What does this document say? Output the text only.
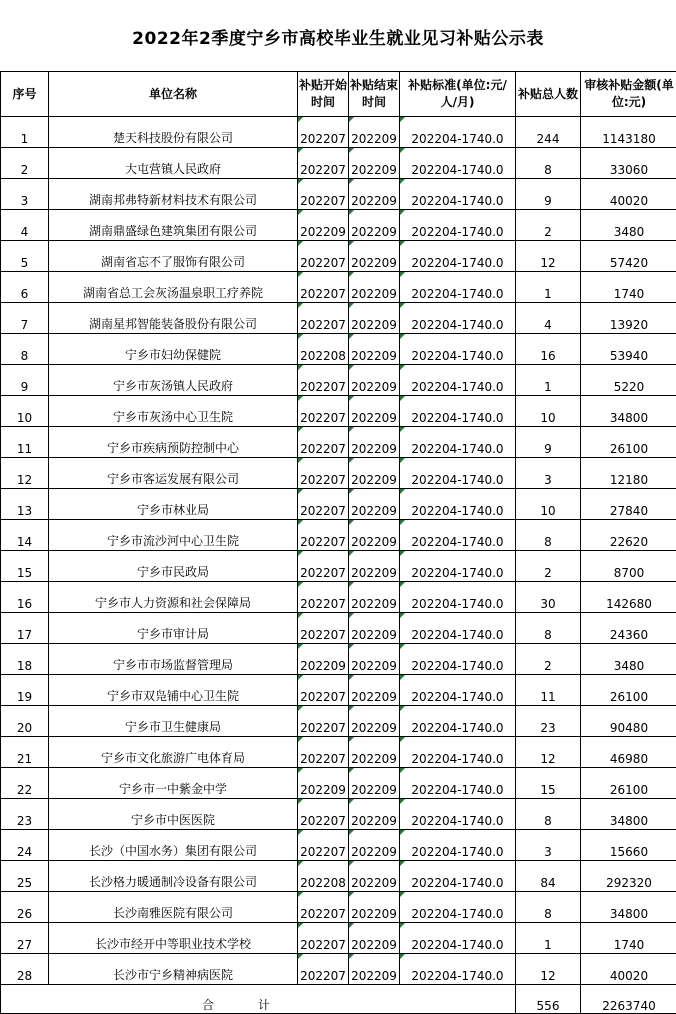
2022年2季度宁乡市高校毕业生就业见习补贴公示表
序号	单位名称	补贴开始时间	补贴结束时间	补贴标准(单位:元/人/月)	补贴总人数	审核补贴金额(单位:元)
1	楚天科技股份有限公司	202207	202209	202204-1740.0	244	1143180
2	大屯营镇人民政府	202207	202209	202204-1740.0	8	33060
3	湖南邦弗特新材料技术有限公司	202207	202209	202204-1740.0	9	40020
4	湖南鼎盛绿色建筑集团有限公司	202209	202209	202204-1740.0	2	3480
5	湖南省忘不了服饰有限公司	202207	202209	202204-1740.0	12	57420
6	湖南省总工会灰汤温泉职工疗养院	202207	202209	202204-1740.0	1	1740
7	湖南星邦智能装备股份有限公司	202207	202209	202204-1740.0	4	13920
8	宁乡市妇幼保健院	202208	202209	202204-1740.0	16	53940
9	宁乡市灰汤镇人民政府	202207	202209	202204-1740.0	1	5220
10	宁乡市灰汤中心卫生院	202207	202209	202204-1740.0	10	34800
11	宁乡市疾病预防控制中心	202207	202209	202204-1740.0	9	26100
12	宁乡市客运发展有限公司	202207	202209	202204-1740.0	3	12180
13	宁乡市林业局	202207	202209	202204-1740.0	10	27840
14	宁乡市流沙河中心卫生院	202207	202209	202204-1740.0	8	22620
15	宁乡市民政局	202207	202209	202204-1740.0	2	8700
16	宁乡市人力资源和社会保障局	202207	202209	202204-1740.0	30	142680
17	宁乡市审计局	202207	202209	202204-1740.0	8	24360
18	宁乡市市场监督管理局	202209	202209	202204-1740.0	2	3480
19	宁乡市双凫铺中心卫生院	202207	202209	202204-1740.0	11	26100
20	宁乡市卫生健康局	202207	202209	202204-1740.0	23	90480
21	宁乡市文化旅游广电体育局	202207	202209	202204-1740.0	12	46980
22	宁乡市一中紫金中学	202209	202209	202204-1740.0	15	26100
23	宁乡市中医医院	202207	202209	202204-1740.0	8	34800
24	长沙（中国水务）集团有限公司	202207	202209	202204-1740.0	3	15660
25	长沙格力暖通制冷设备有限公司	202208	202209	202204-1740.0	84	292320
26	长沙南雅医院有限公司	202207	202209	202204-1740.0	8	34800
27	长沙市经开中等职业技术学校	202207	202209	202204-1740.0	1	1740
28	长沙市宁乡精神病医院	202207	202209	202204-1740.0	12	40020
合计					556	2263740
